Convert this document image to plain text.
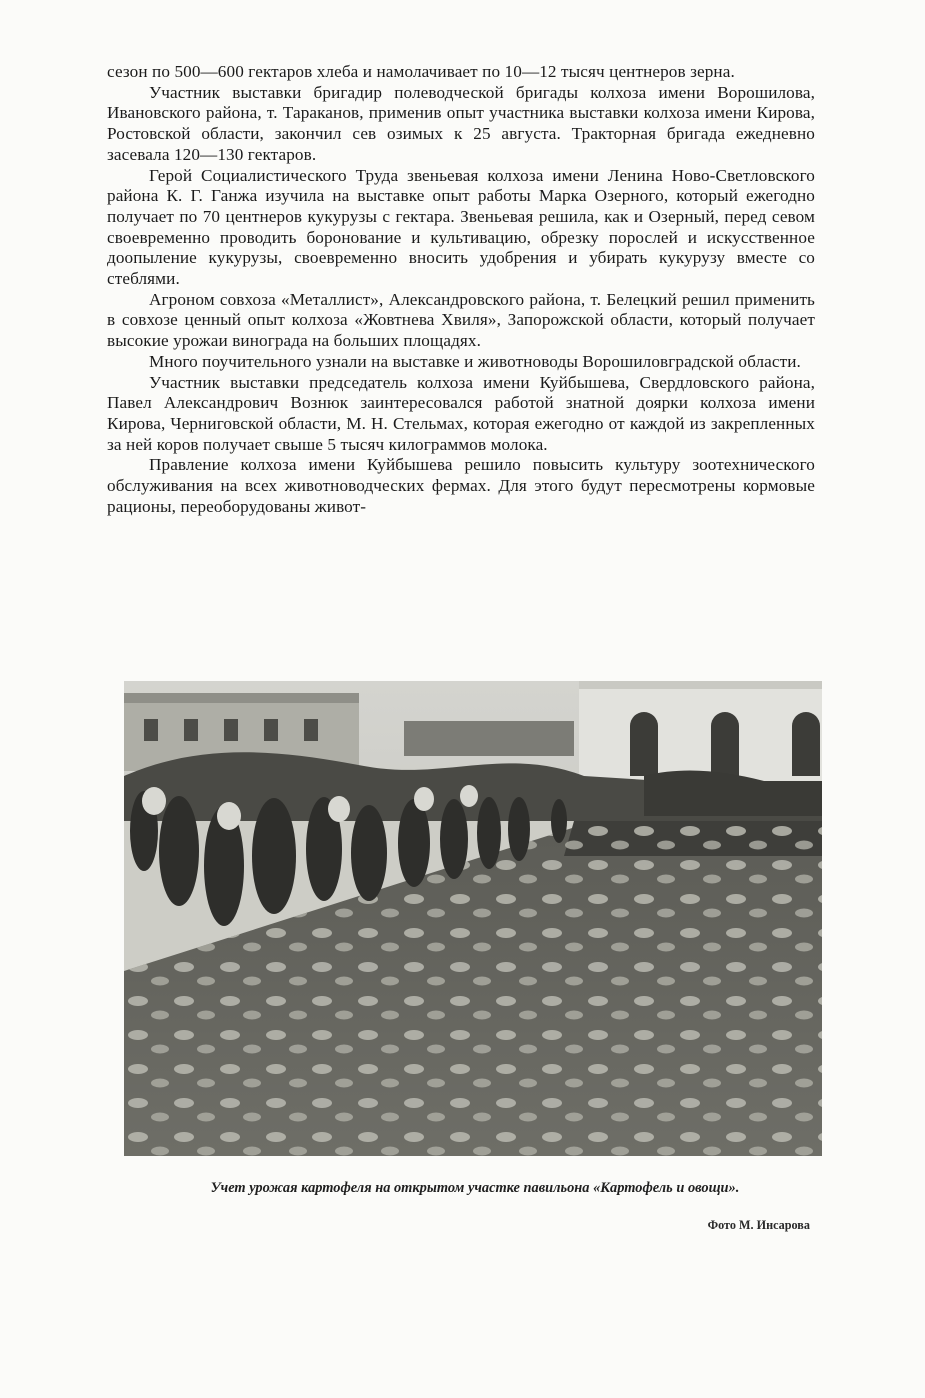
сезон по 500—600 гектаров хлеба и намолачивает по 10—12 тысяч центнеров зерна.

Участник выставки бригадир полеводческой бригады колхоза имени Ворошилова, Ивановского района, т. Тараканов, применив опыт участника выставки колхоза имени Кирова, Ростовской области, закончил сев озимых к 25 августа. Тракторная бригада ежедневно засевала 120—130 гектаров.

Герой Социалистического Труда звеньевая колхоза имени Ленина Ново-Светловского района К. Г. Ганжа изучила на выставке опыт работы Марка Озерного, который ежегодно получает по 70 центнеров кукурузы с гектара. Звеньевая решила, как и Озерный, перед севом своевременно проводить боронование и культивацию, обрезку порослей и искусственное доопыление кукурузы, своевременно вносить удобрения и убирать кукурузу вместе со стеблями.

Агроном совхоза «Металлист», Александровского района, т. Белецкий решил применить в совхозе ценный опыт колхоза «Жовтнева Хвиля», Запорожской области, который получает высокие урожаи винограда на больших площадях.

Много поучительного узнали на выставке и животноводы Ворошиловградской области.

Участник выставки председатель колхоза имени Куйбышева, Свердловского района, Павел Александрович Вознюк заинтересовался работой знатной доярки колхоза имени Кирова, Черниговской области, М. Н. Стельмах, которая ежегодно от каждой из закрепленных за ней коров получает свыше 5 тысяч килограммов молока.

Правление колхоза имени Куйбышева решило повысить культуру зоотехнического обслуживания на всех животноводческих фермах. Для этого будут пересмотрены кормовые рационы, переоборудованы живот-

Учет урожая картофеля на открытом участке павильона «Картофель и овощи».
Фото М. Инсарова
